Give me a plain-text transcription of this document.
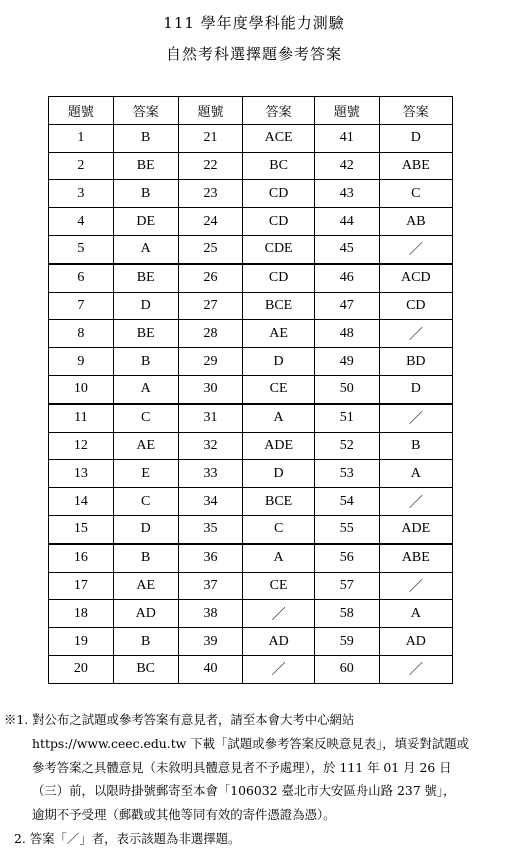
111 學年度學科能力測驗
自然考科選擇題參考答案
題號	答案	題號	答案	題號	答案
1	B	21	ACE	41	D
2	BE	22	BC	42	ABE
3	B	23	CD	43	C
4	DE	24	CD	44	AB
5	A	25	CDE	45	／
6	BE	26	CD	46	ACD
7	D	27	BCE	47	CD
8	BE	28	AE	48	／
9	B	29	D	49	BD
10	A	30	CE	50	D
11	C	31	A	51	／
12	AE	32	ADE	52	B
13	E	33	D	53	A
14	C	34	BCE	54	／
15	D	35	C	55	ADE
16	B	36	A	56	ABE
17	AE	37	CE	57	／
18	AD	38	／	58	A
19	B	39	AD	59	AD
20	BC	40	／	60	／
※1. 對公布之試題或參考答案有意見者，請至本會大考中心網站
https://www.ceec.edu.tw 下載「試題或參考答案反映意見表」，填妥對試題或
參考答案之具體意見（未敘明具體意見者不予處理），於 111 年 01 月 26 日
（三）前，以限時掛號郵寄至本會「106032 臺北市大安區舟山路 237 號」，
逾期不予受理（郵戳或其他等同有效的寄件憑證為憑）。
2. 答案「／」者，表示該題為非選擇題。
